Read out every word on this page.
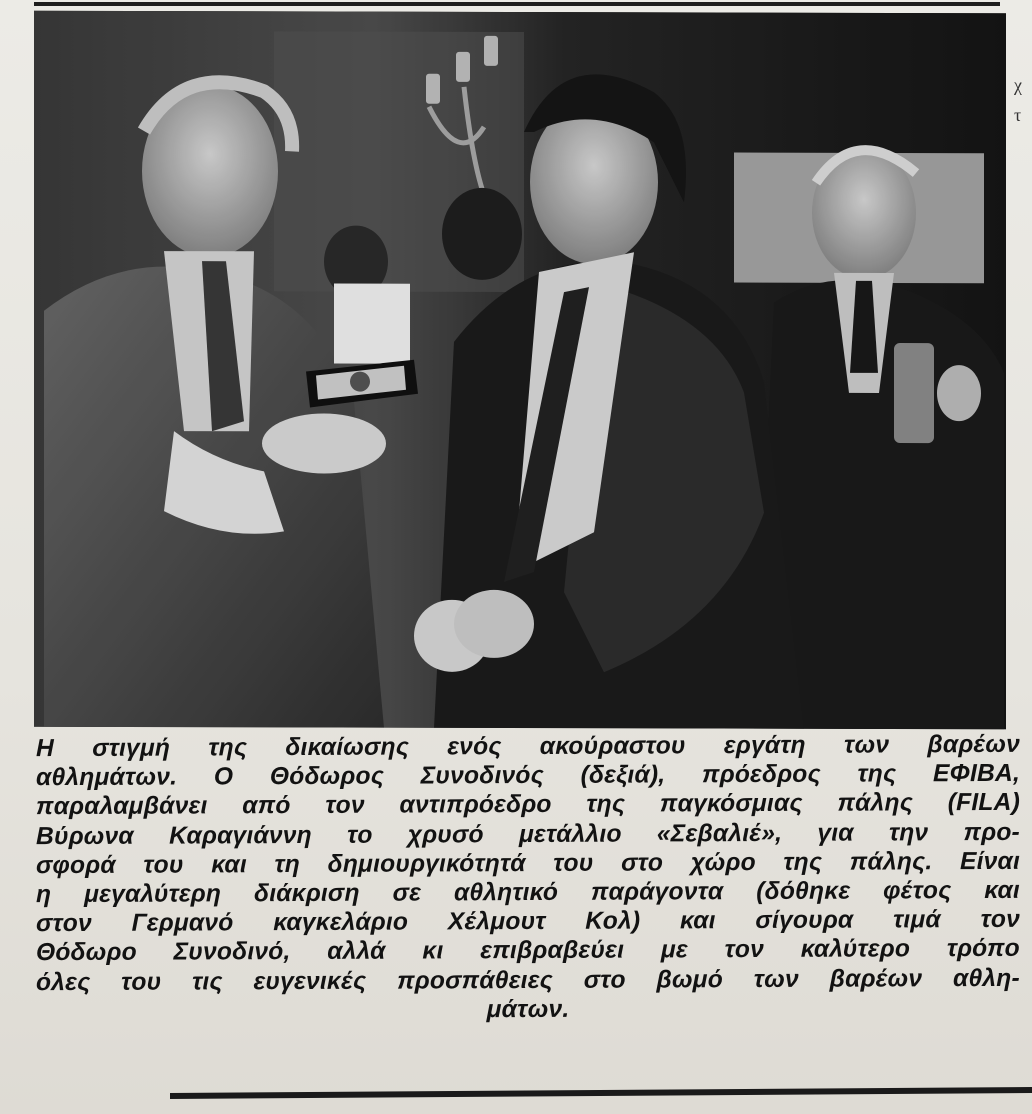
χ
τ
Η στιγμή της δικαίωσης ενός ακούραστου εργάτη των βαρέων
αθλημάτων. Ο Θόδωρος Συνοδινός (δεξιά), πρόεδρος της ΕΦΙΒΑ,
παραλαμβάνει από τον αντιπρόεδρο της παγκόσμιας πάλης (FILA)
Βύρωνα Καραγιάννη το χρυσό μετάλλιο «Σεβαλιέ», για την προ-
σφορά του και τη δημιουργικότητά του στο χώρο της πάλης. Είναι
η μεγαλύτερη διάκριση σε αθλητικό παράγοντα (δόθηκε φέτος και
στον Γερμανό καγκελάριο Χέλμουτ Κολ) και σίγουρα τιμά τον
Θόδωρο Συνοδινό, αλλά κι επιβραβεύει με τον καλύτερο τρόπο
όλες του τις ευγενικές προσπάθειες στο βωμό των βαρέων αθλη-
μάτων.
